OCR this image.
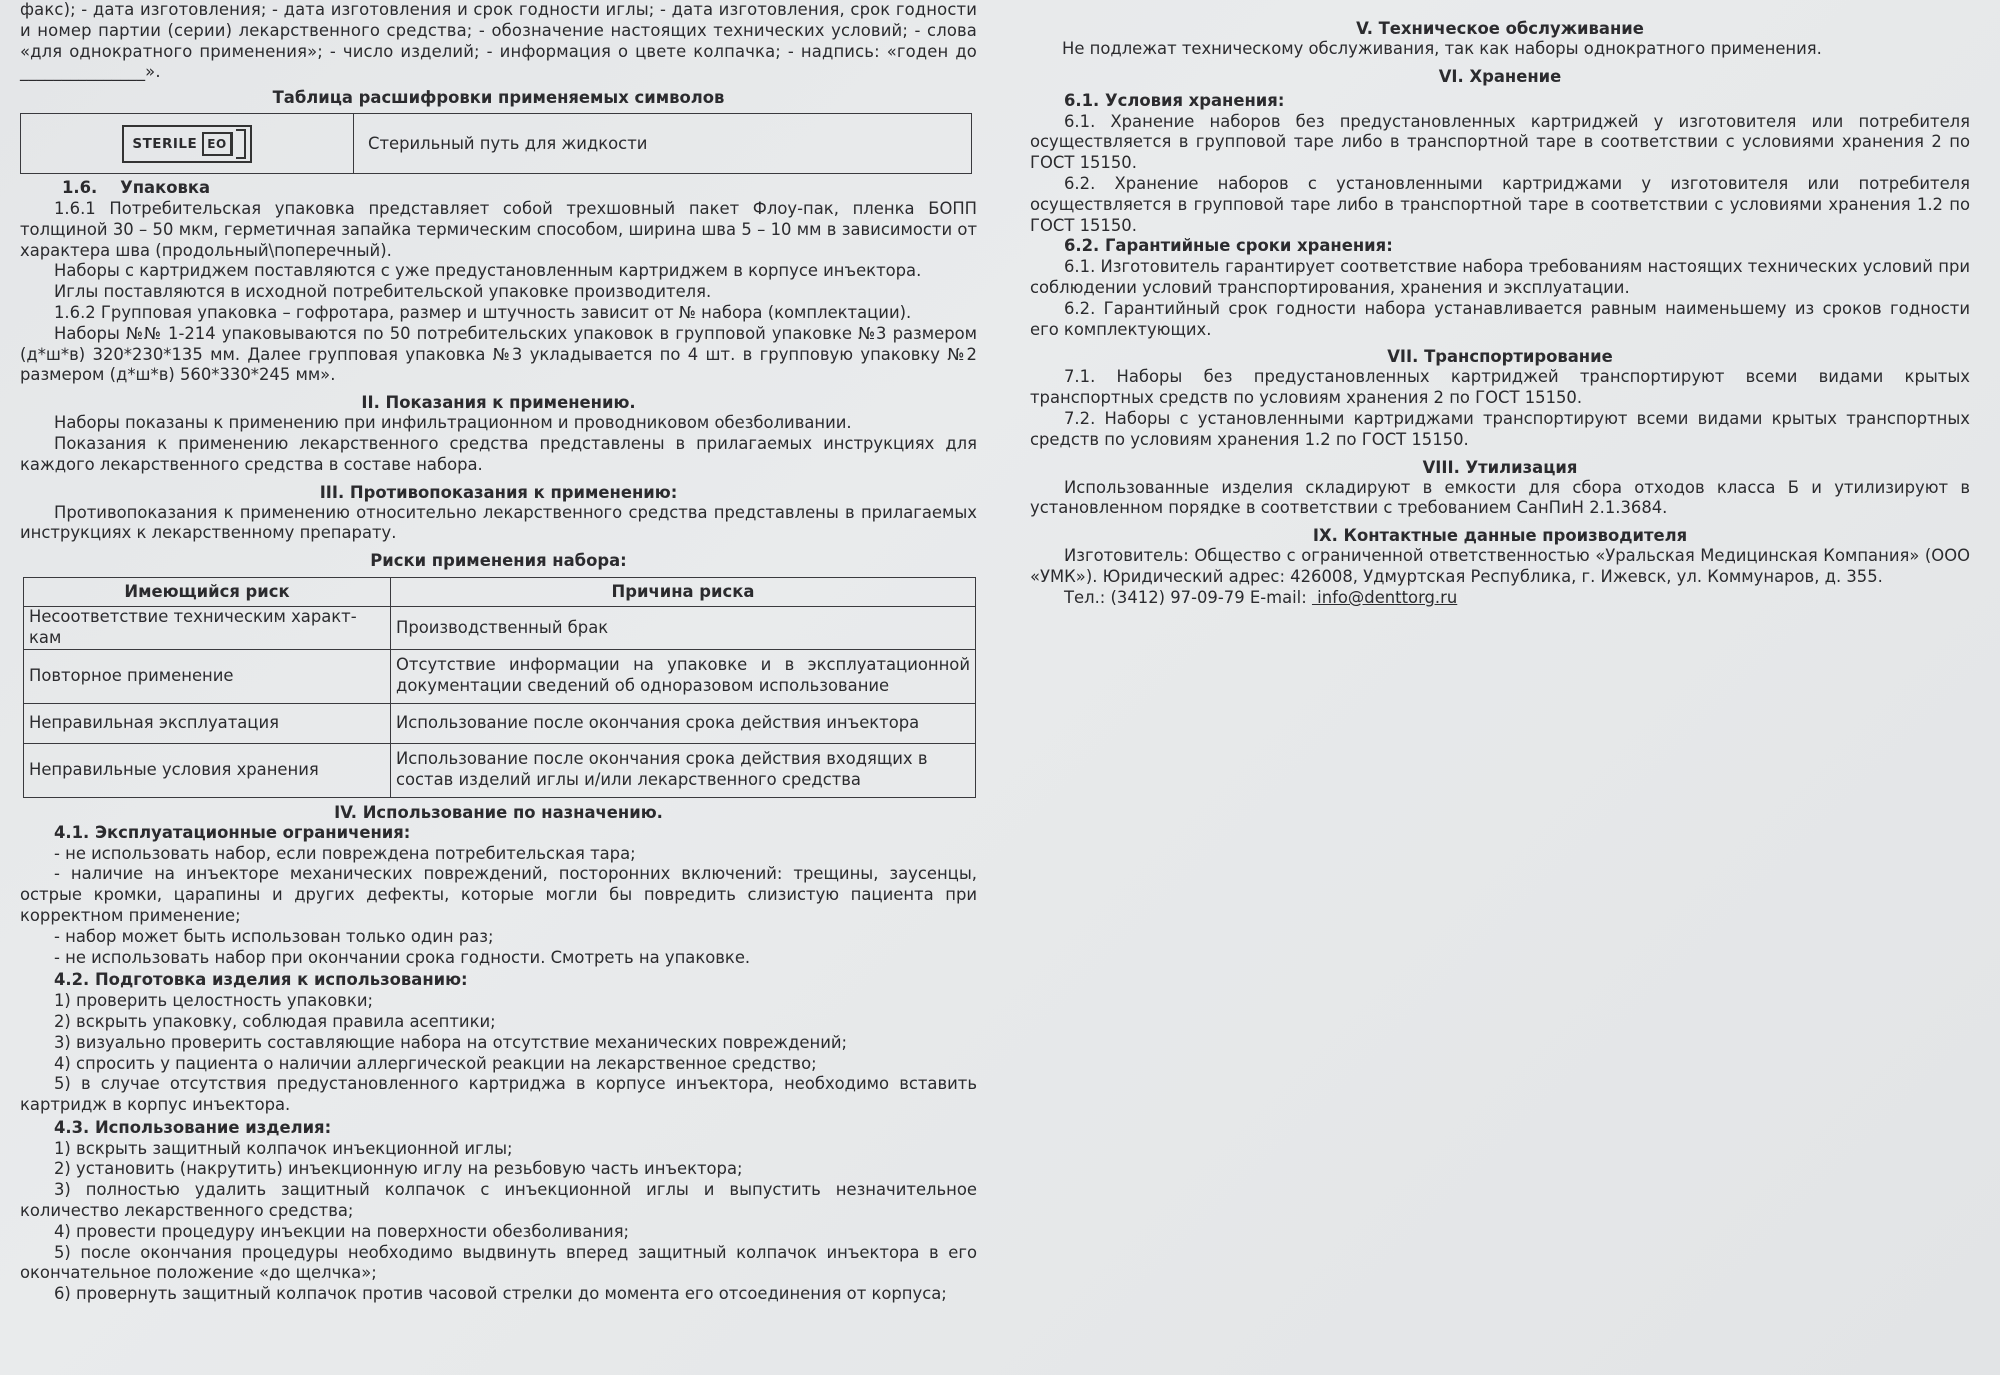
факс); - дата изготовления; - дата изготовления и срок годности иглы; - дата изготовления, срок годности и номер партии (серии) лекарственного средства; - обозначение настоящих технических условий; - слова «для однократного применения»; - число изделий; - информация о цвете колпачка; - надпись: «годен до _______________».

Таблица расшифровки применяемых символов
STERILE EO	Стерильный путь для жидкости
1.6.    Упаковка

1.6.1 Потребительская упаковка представляет собой трехшовный пакет Флоу-пак, пленка БОПП толщиной 30 – 50 мкм, герметичная запайка термическим способом, ширина шва 5 – 10 мм в зависимости от характера шва (продольный\поперечный).

Наборы с картриджем поставляются с уже предустановленным картриджем в корпусе инъектора.

Иглы поставляются в исходной потребительской упаковке производителя.

1.6.2 Групповая упаковка – гофротара, размер и штучность зависит от № набора (комплектации).

Наборы №№ 1-214 упаковываются по 50 потребительских упаковок в групповой упаковке №3 размером (д*ш*в) 320*230*135 мм. Далее групповая упаковка №3 укладывается по 4 шт. в групповую упаковку №2 размером (д*ш*в) 560*330*245 мм».

II. Показания к применению.

Наборы показаны к применению при инфильтрационном и проводниковом обезболивании.

Показания к применению лекарственного средства представлены в прилагаемых инструкциях для каждого лекарственного средства в составе набора.

III. Противопоказания к применению:

Противопоказания к применению относительно лекарственного средства представлены в прилагаемых инструкциях к лекарственному препарату.

Риски применения набора:
Имеющийся риск	Причина риска
Несоответствие техническим характ-кам	Производственный брак
Повторное применение	Отсутствие информации на упаковке и в эксплуатационной документации сведений об одноразовом использование
Неправильная эксплуатация	Использование после окончания срока действия инъектора
Неправильные условия хранения	Использование после окончания срока действия входящих в состав изделий иглы и/или лекарственного средства
IV. Использование по назначению.
4.1. Эксплуатационные ограничения:

- не использовать набор, если повреждена потребительская тара;

- наличие на инъекторе механических повреждений, посторонних включений: трещины, заусенцы, острые кромки, царапины и других дефекты, которые могли бы повредить слизистую пациента при корректном применение;

- набор может быть использован только один раз;

- не использовать набор при окончании срока годности. Смотреть на упаковке.

4.2. Подготовка изделия к использованию:

1) проверить целостность упаковки;

2) вскрыть упаковку, соблюдая правила асептики;

3) визуально проверить составляющие набора на отсутствие механических повреждений;

4) спросить у пациента о наличии аллергической реакции на лекарственное средство;

5) в случае отсутствия предустановленного картриджа в корпусе инъектора, необходимо вставить картридж в корпус инъектора.

4.3. Использование изделия:

1) вскрыть защитный колпачок инъекционной иглы;

2) установить (накрутить) инъекционную иглу на резьбовую часть инъектора;

3) полностью удалить защитный колпачок с инъекционной иглы и выпустить незначительное количество лекарственного средства;

4) провести процедуру инъекции на поверхности обезболивания;

5) после окончания процедуры необходимо выдвинуть вперед защитный колпачок инъектора в его окончательное положение «до щелчка»;

6) провернуть защитный колпачок против часовой стрелки до момента его отсоединения от корпуса;

V. Техническое обслуживание

Не подлежат техническому обслуживания, так как наборы однократного применения.

VI. Хранение
6.1. Условия хранения:

6.1. Хранение наборов без предустановленных картриджей у изготовителя или потребителя осуществляется в групповой таре либо в транспортной таре в соответствии с условиями хранения 2 по ГОСТ 15150.

6.2. Хранение наборов с установленными картриджами у изготовителя или потребителя осуществляется в групповой таре либо в транспортной таре в соответствии с условиями хранения 1.2 по ГОСТ 15150.

6.2. Гарантийные сроки хранения:

6.1. Изготовитель гарантирует соответствие набора требованиям настоящих технических условий при соблюдении условий транспортирования, хранения и эксплуатации.

6.2. Гарантийный срок годности набора устанавливается равным наименьшему из сроков годности его комплектующих.

VII. Транспортирование

7.1. Наборы без предустановленных картриджей транспортируют всеми видами крытых транспортных средств по условиям хранения 2 по ГОСТ 15150.

7.2. Наборы с установленными картриджами транспортируют всеми видами крытых транспортных средств по условиям хранения 1.2 по ГОСТ 15150.

VIII. Утилизация

Использованные изделия складируют в емкости для сбора отходов класса Б и утилизируют в установленном порядке в соответствии с требованием СанПиН 2.1.3684.

IX. Контактные данные производителя

Изготовитель: Общество с ограниченной ответственностью «Уральская Медицинская Компания» (ООО «УМК»). Юридический адрес: 426008, Удмуртская Республика, г. Ижевск, ул. Коммунаров, д. 355.

Тел.: (3412) 97-09-79 E-mail:  info@denttorg.ru
